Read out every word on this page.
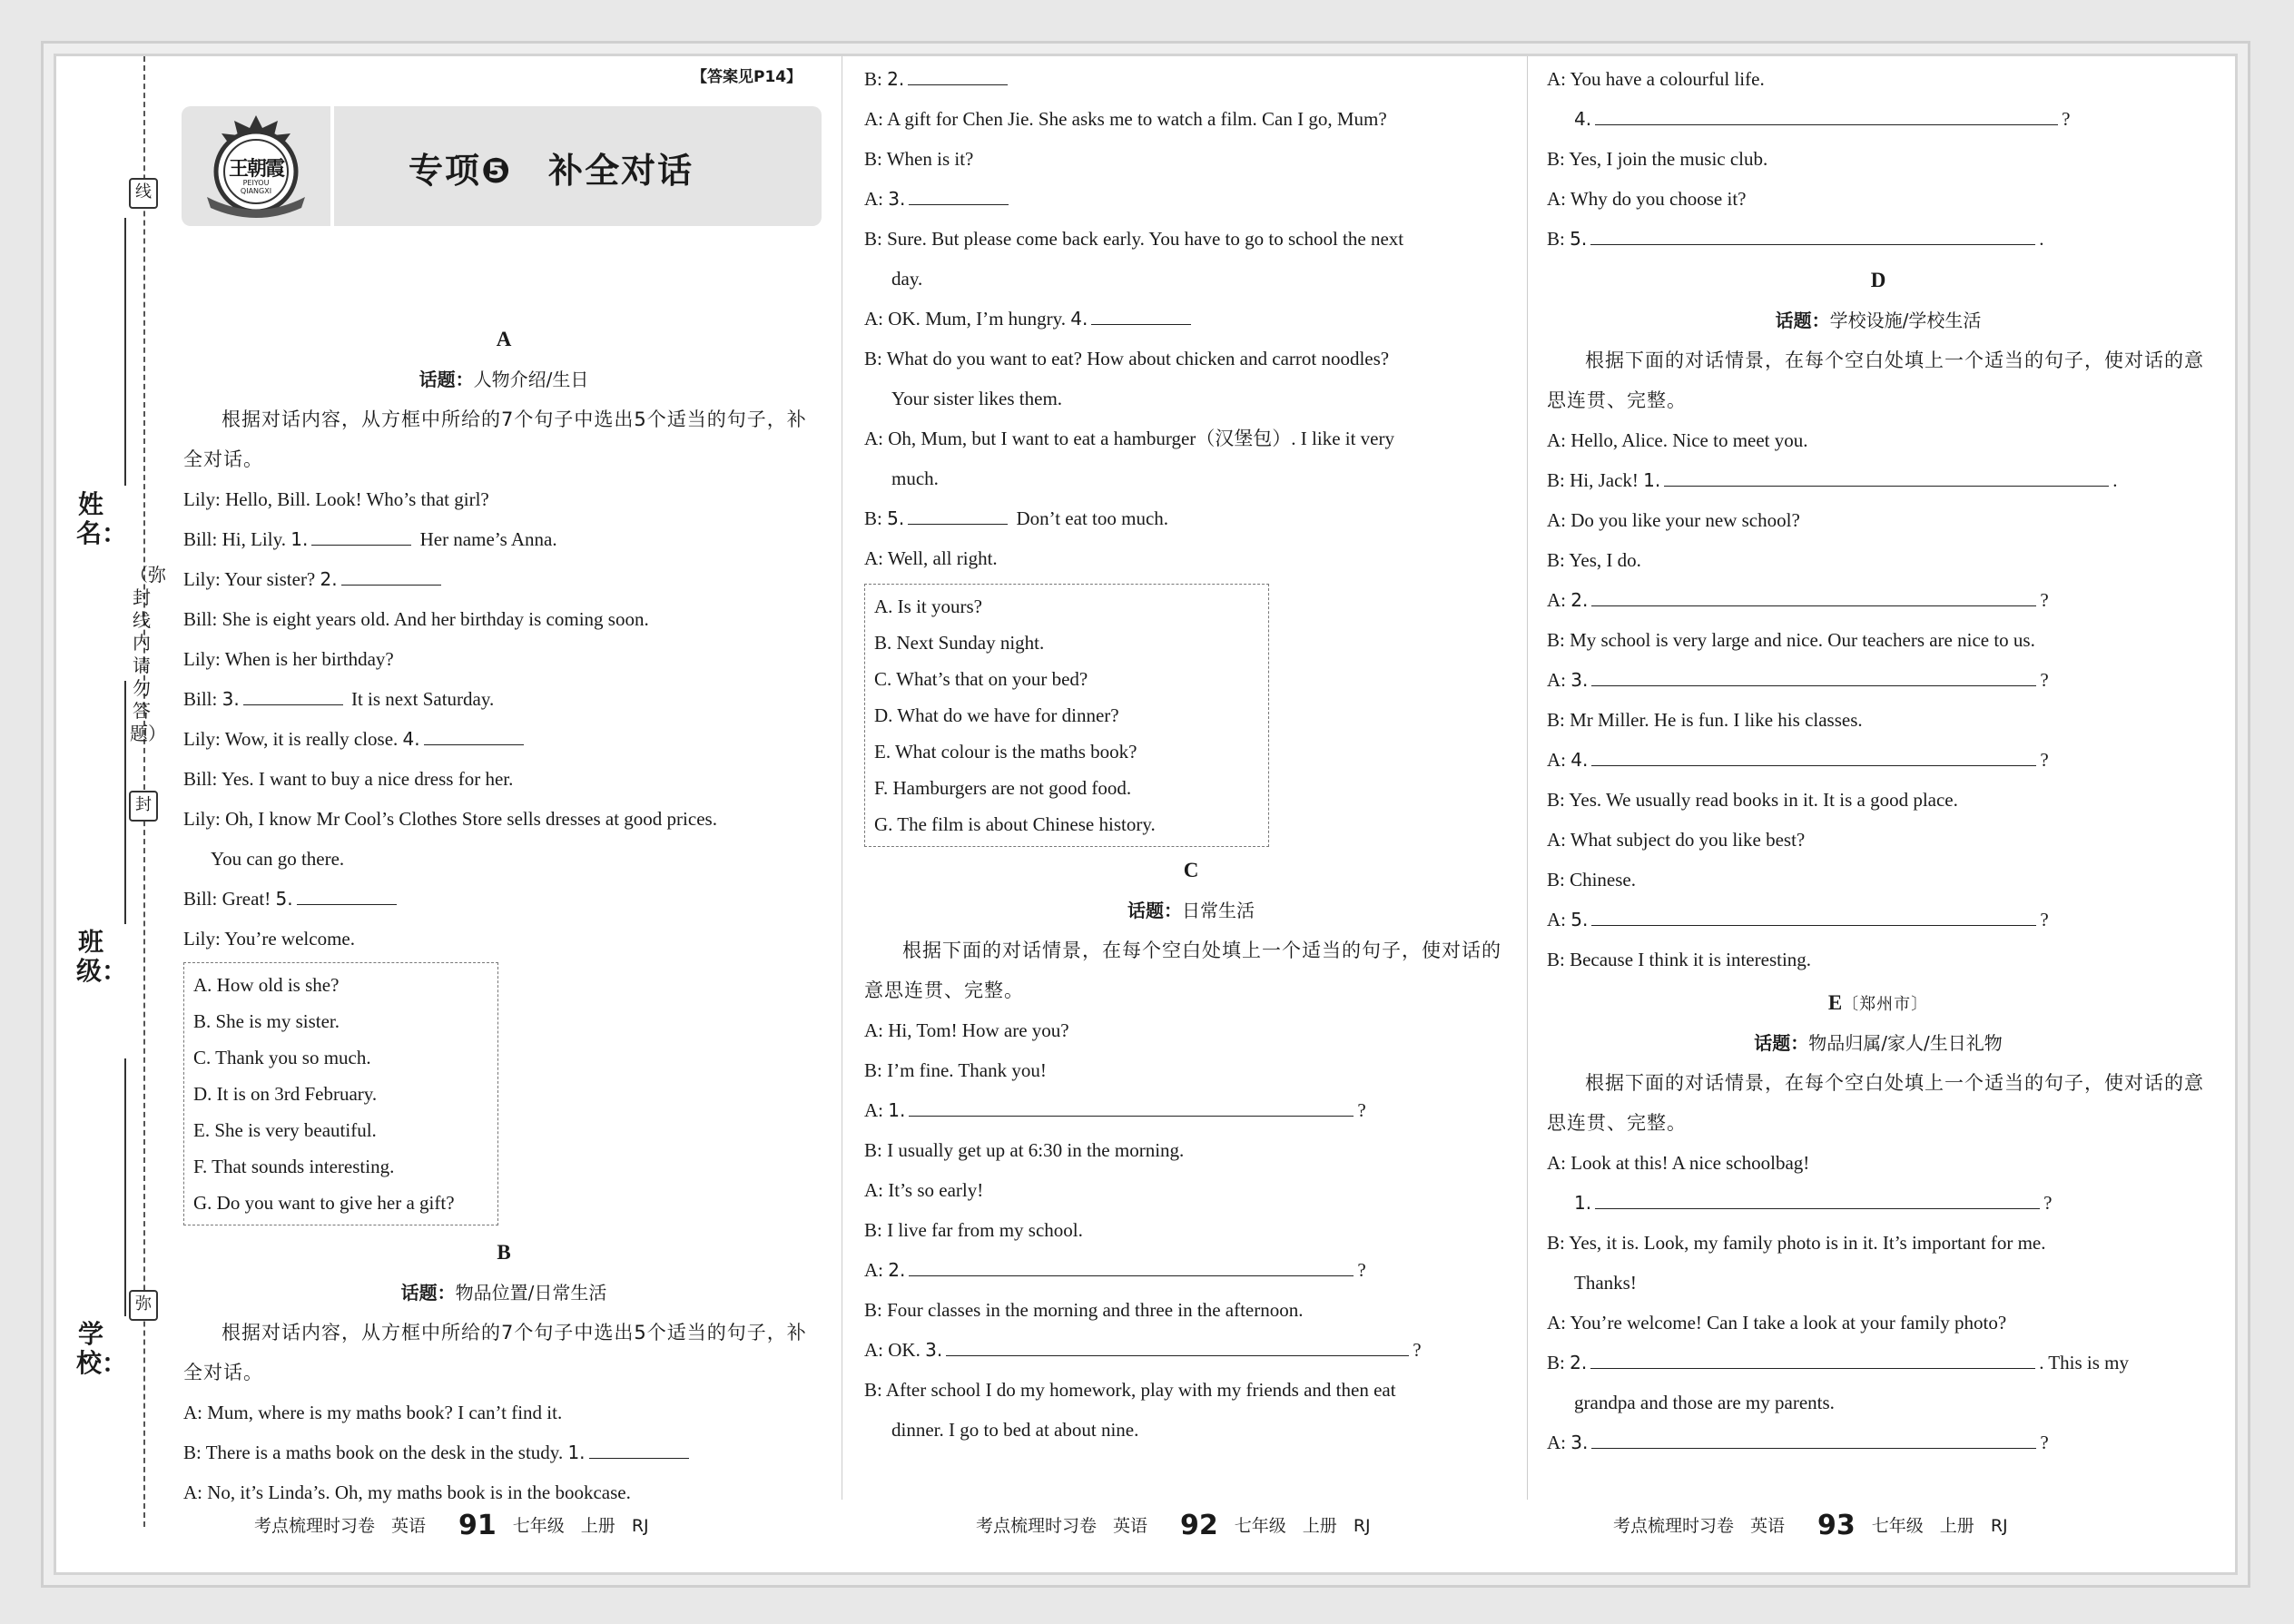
线
封
弥
（弥封线内请勿答题）
姓名：
班级：
学校：
【答案见P14】
王朝霞
PEIYOU QIANGXI
专项❺　补全对话
A
话题：人物介绍/生日
根据对话内容，从方框中所给的7个句子中选出5个适当的句子，补全对话。
Lily: Hello, Bill. Look! Who’s that girl?
Bill: Hi, Lily. 1.	Her name’s Anna.
Lily: Your sister? 2.
Bill: She is eight years old. And her birthday is coming soon.
Lily: When is her birthday?
Bill: 3.	It is next Saturday.
Lily: Wow, it is really close. 4.
Bill: Yes. I want to buy a nice dress for her.
Lily: Oh, I know Mr Cool’s Clothes Store sells dresses at good prices.
You can go there.
Bill: Great! 5.
Lily: You’re welcome.
A. How old is she?
B. She is my sister.
C. Thank you so much.
D. It is on 3rd February.
E. She is very beautiful.
F. That sounds interesting.
G. Do you want to give her a gift?
B
话题：物品位置/日常生活
根据对话内容，从方框中所给的7个句子中选出5个适当的句子，补全对话。
A: Mum, where is my maths book? I can’t find it.
B: There is a maths book on the desk in the study. 1.
A: No, it’s Linda’s. Oh, my maths book is in the bookcase.
B: 2.
A: A gift for Chen Jie. She asks me to watch a film. Can I go, Mum?
B: When is it?
A: 3.
B: Sure. But please come back early. You have to go to school the next
day.
A: OK. Mum, I’m hungry. 4.
B: What do you want to eat? How about chicken and carrot noodles?
Your sister likes them.
A: Oh, Mum, but I want to eat a hamburger（汉堡包）. I like it very
much.
B: 5.	Don’t eat too much.
A: Well, all right.
A. Is it yours?
B. Next Sunday night.
C. What’s that on your bed?
D. What do we have for dinner?
E. What colour is the maths book?
F. Hamburgers are not good food.
G. The film is about Chinese history.
C
话题：日常生活
根据下面的对话情景，在每个空白处填上一个适当的句子，使对话的意思连贯、完整。
A: Hi, Tom! How are you?
B: I’m fine. Thank you!
A: 1.	?
B: I usually get up at 6:30 in the morning.
A: It’s so early!
B: I live far from my school.
A: 2.	?
B: Four classes in the morning and three in the afternoon.
A: OK. 3.	?
B: After school I do my homework, play with my friends and then eat
dinner. I go to bed at about nine.
A: You have a colourful life.
4.	?
B: Yes, I join the music club.
A: Why do you choose it?
B: 5.	.
D
话题：学校设施/学校生活
根据下面的对话情景，在每个空白处填上一个适当的句子，使对话的意思连贯、完整。
A: Hello, Alice. Nice to meet you.
B: Hi, Jack! 1.	.
A: Do you like your new school?
B: Yes, I do.
A: 2.	?
B: My school is very large and nice. Our teachers are nice to us.
A: 3.	?
B: Mr Miller. He is fun. I like his classes.
A: 4.	?
B: Yes. We usually read books in it. It is a good place.
A: What subject do you like best?
B: Chinese.
A: 5.	?
B: Because I think it is interesting.
E〔郑州市〕
话题：物品归属/家人/生日礼物
根据下面的对话情景，在每个空白处填上一个适当的句子，使对话的意思连贯、完整。
A: Look at this! A nice schoolbag!
1.	?
B: Yes, it is. Look, my family photo is in it. It’s important for me.
Thanks!
A: You’re welcome! Can I take a look at your family photo?
B: 2.	. This is my
grandpa and those are my parents.
A: 3.	?
考点梳理时习卷 英语 91 七年级 上册 RJ	考点梳理时习卷 英语 92 七年级 上册 RJ	考点梳理时习卷 英语 93 七年级 上册 RJ
